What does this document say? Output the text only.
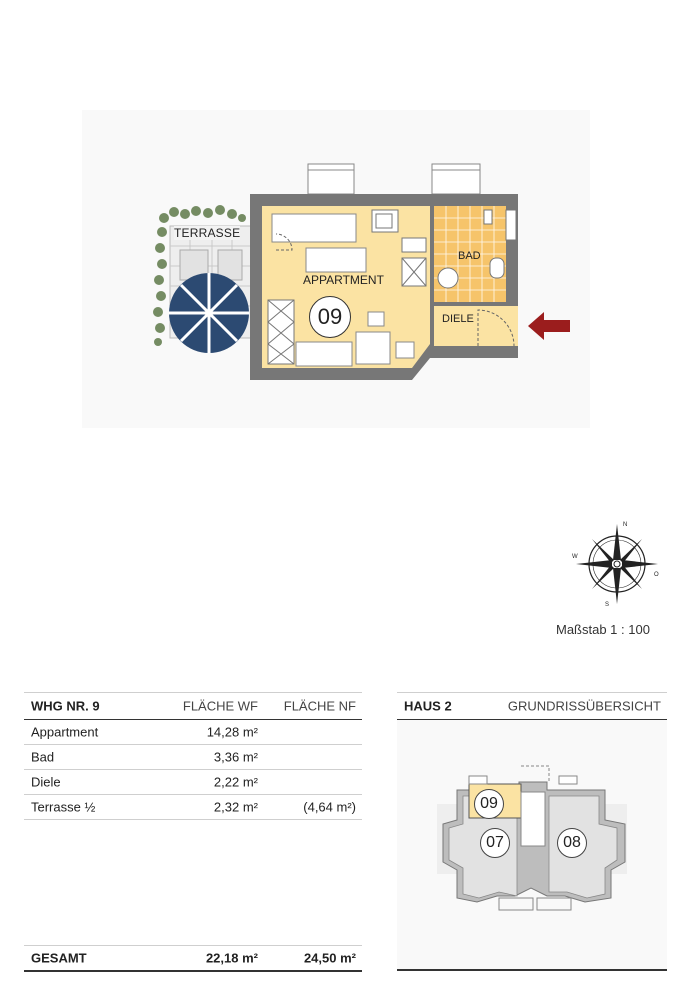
TERRASSE
APPARTMENT
BAD
DIELE
09
N
O
S
W
Maßstab 1 : 100
WHG NR. 9	FLÄCHE WF FLÄCHE NF
Appartment	14,28 m²
Bad	3,36 m²
Diele	2,22 m²
Terrasse ½	2,32 m²	(4,64 m²)
GESAMT	22,18 m²	24,50 m²
HAUS 2	GRUNDRISSÜBERSICHT
09
07	08
